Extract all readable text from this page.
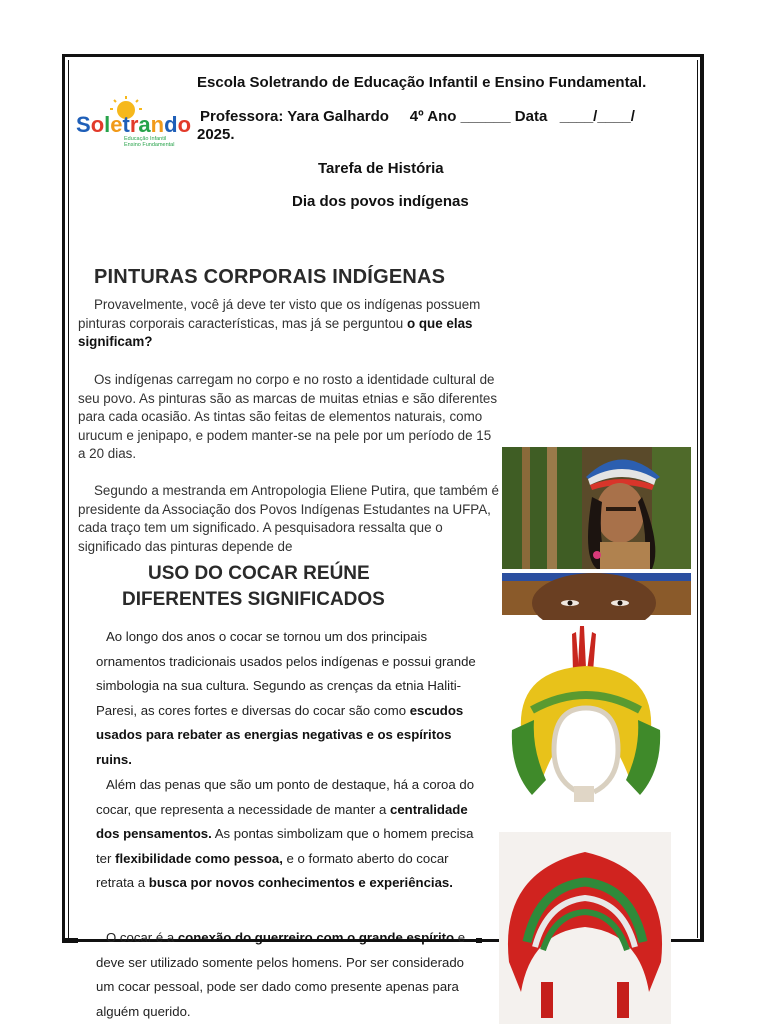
Soletrando
Educação Infantil
Ensino Fundamental
Escola Soletrando de Educação Infantil e Ensino Fundamental.
Professora: Yara Galhardo     4º Ano ______ Data   ____/____/
2025.
Tarefa de História
Dia dos povos indígenas
PINTURAS CORPORAIS INDÍGENAS
Provavelmente, você já deve ter visto que os indígenas possuem pinturas corporais características, mas já se perguntou o que elas significam?
Os indígenas carregam no corpo e no rosto a identidade cultural de seu povo. As pinturas são as marcas de muitas etnias e são diferentes para cada ocasião. As tintas são feitas de elementos naturais, como urucum e jenipapo, e podem manter-se na pele por um período de 15 a 20 dias.
Segundo a mestranda em Antropologia Eliene Putira, que também é presidente da Associação dos Povos Indígenas Estudantes na UFPA, cada traço tem um significado. A pesquisadora ressalta que o significado das pinturas depende de
USO DO COCAR REÚNE
DIFERENTES SIGNIFICADOS
Ao longo dos anos o cocar se tornou um dos principais ornamentos tradicionais usados pelos indígenas e possui grande simbologia na sua cultura. Segundo as crenças da etnia Haliti-Paresi, as cores fortes e diversas do cocar são como escudos usados para rebater as energias negativas e os espíritos ruins.
Além das penas que são um ponto de destaque, há a coroa do cocar, que representa a necessidade de manter a centralidade dos pensamentos. As pontas simbolizam que o homem precisa ter flexibilidade como pessoa, e o formato aberto do cocar retrata a busca por novos conhecimentos e experiências.
O cocar é a conexão do guerreiro com o grande espírito e deve ser utilizado somente pelos homens. Por ser considerado um cocar pessoal, pode ser dado como presente apenas para alguém querido.
